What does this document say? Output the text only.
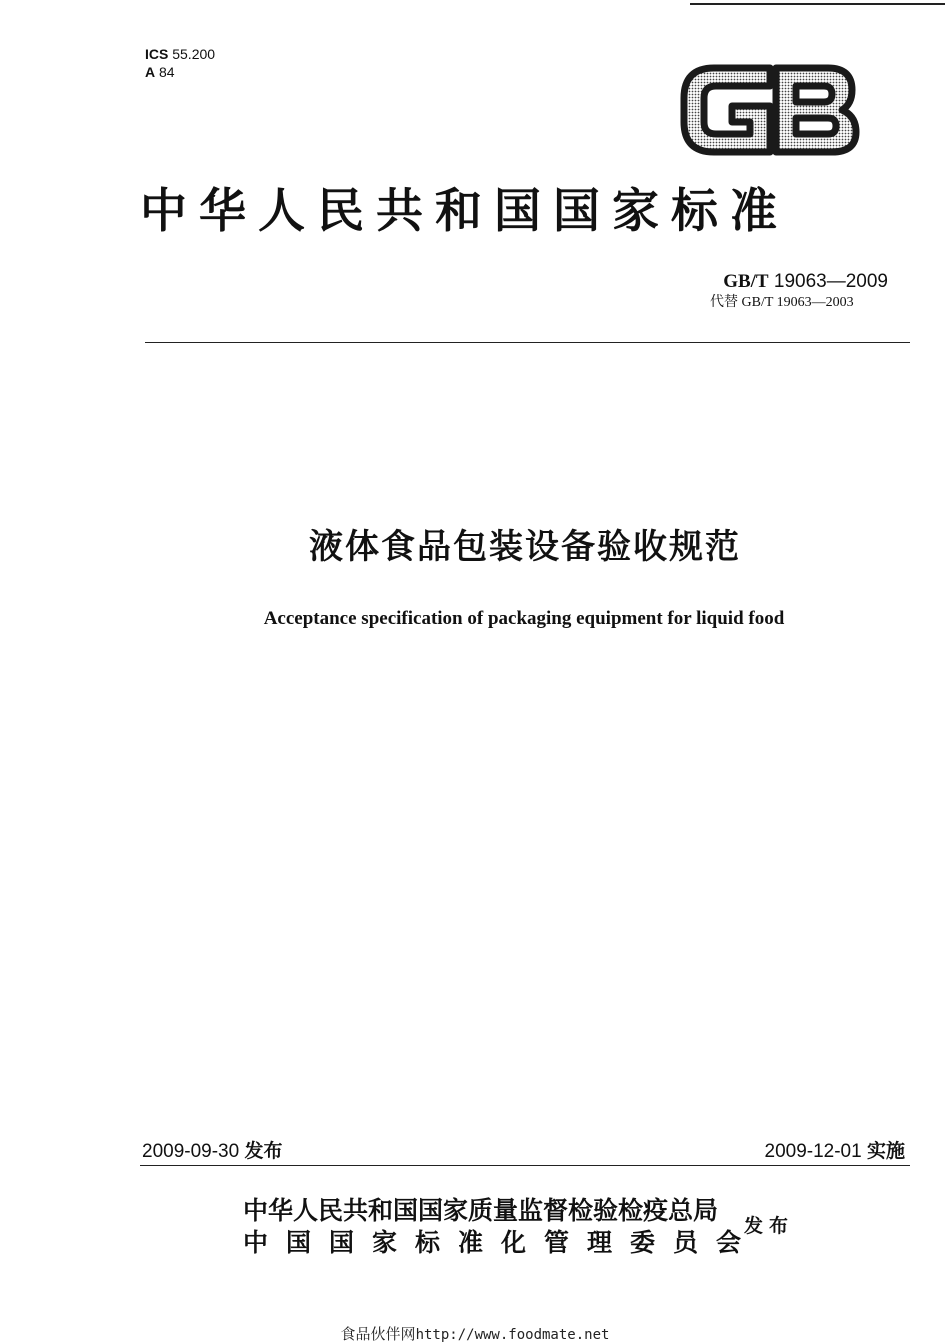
ICS 55.200
A 84
GB
中华人民共和国国家标准
GB/T 19063—2009
代替 GB/T 19063—2003
液体食品包装设备验收规范
Acceptance specification of packaging equipment for liquid food
2009-09-30 发布	2009-12-01 实施
中华人民共和国国家质量监督检验检疫总局
中国国家标准化管理委员会
发布
食品伙伴网http://www.foodmate.net
